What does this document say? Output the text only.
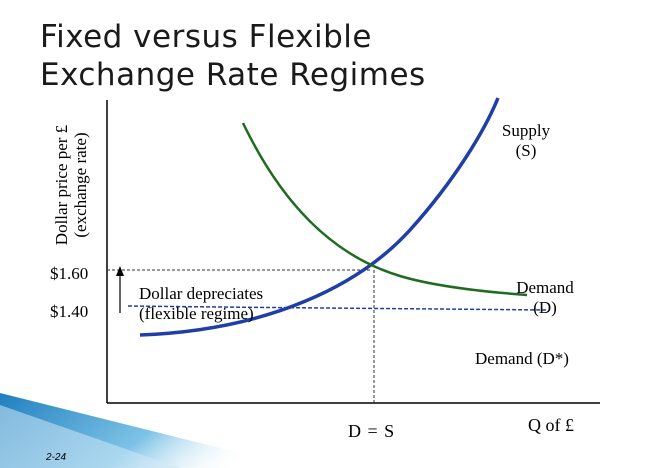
Fixed versus Flexible
Exchange Rate Regimes
Dollar price per £ (exchange rate)
$1.60
$1.40
Dollar depreciates
(flexible regime)
Supply
(S)
Demand
(D)
Demand (D*)
D = S	Q of £
2-24
